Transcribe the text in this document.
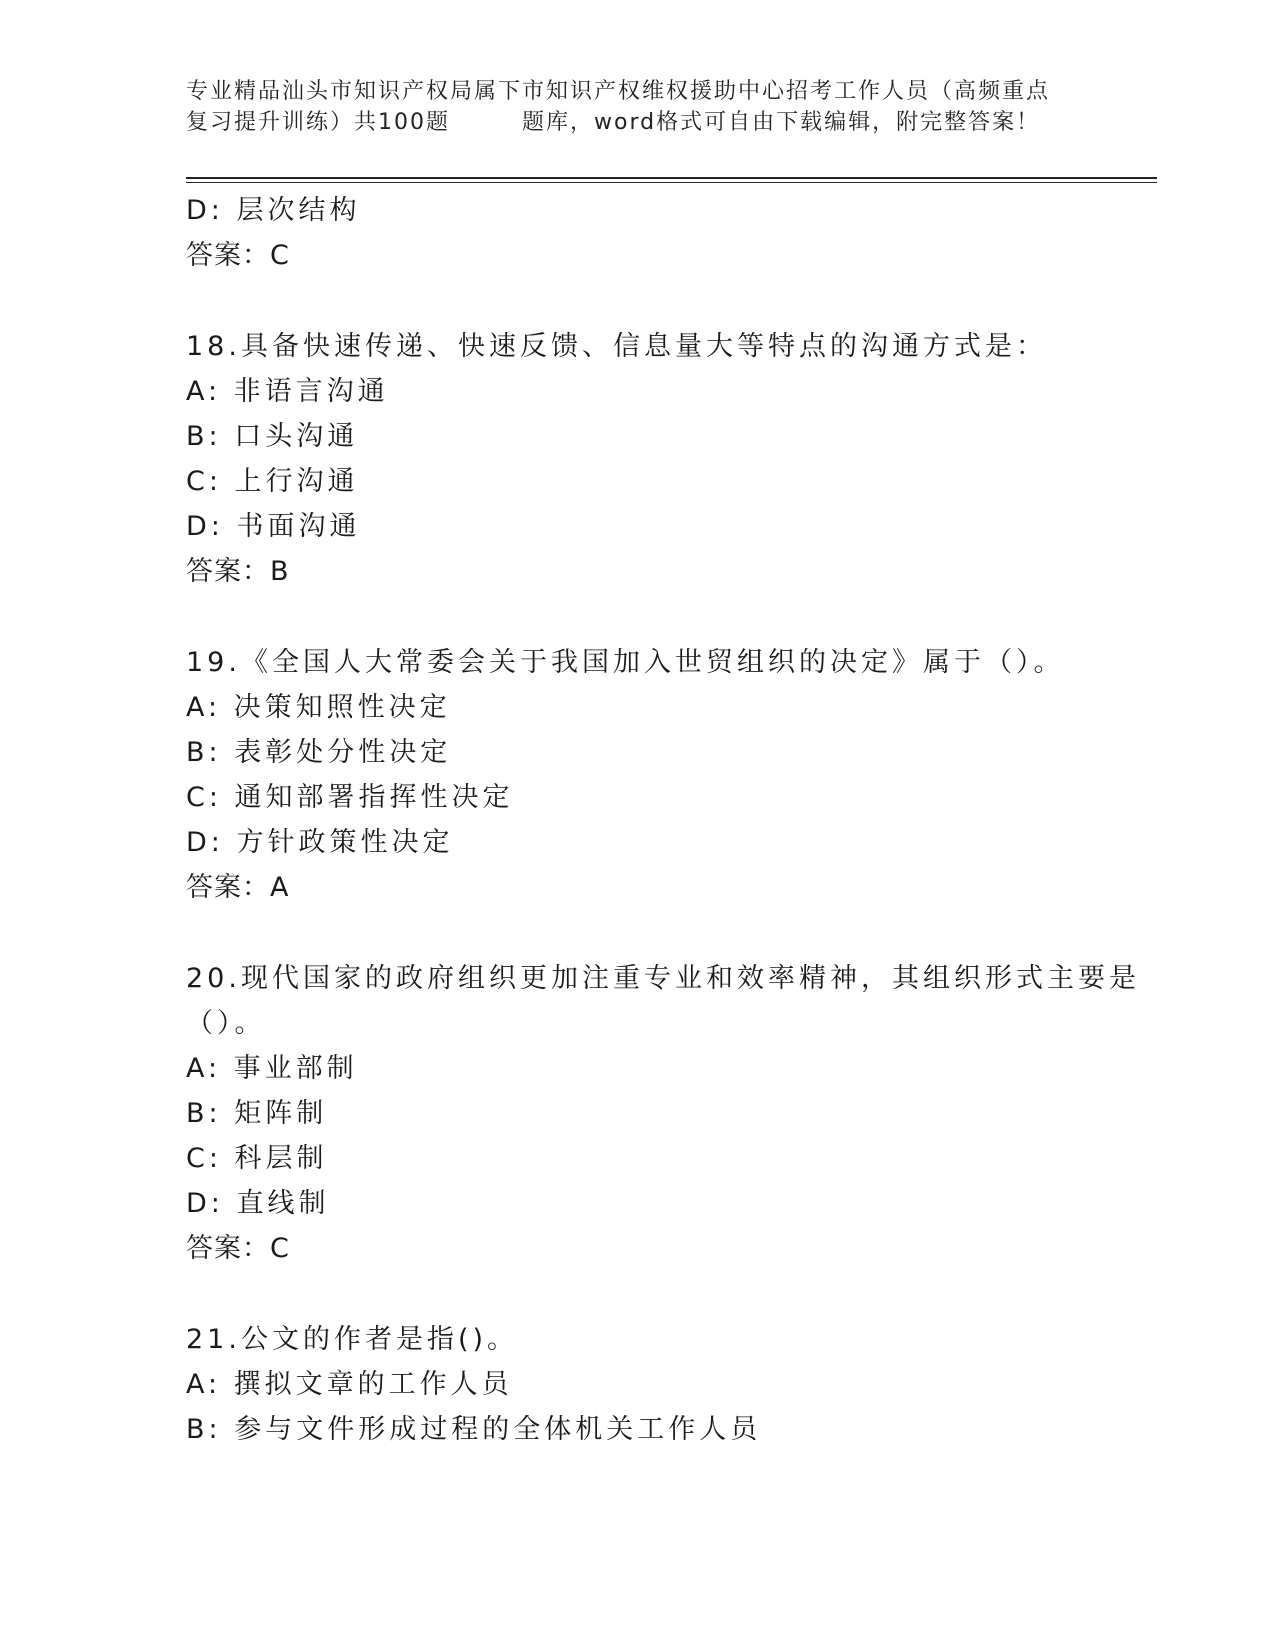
专业精品汕头市知识产权局属下市知识产权维权援助中心招考工作人员（高频重点
复习提升训练）共100题	题库，word格式可自由下载编辑，附完整答案！
D: 层次结构
答案：C
18.具备快速传递、快速反馈、信息量大等特点的沟通方式是：
A: 非语言沟通
B: 口头沟通
C: 上行沟通
D: 书面沟通
答案：B
19.《全国人大常委会关于我国加入世贸组织的决定》属于（）。
A: 决策知照性决定
B: 表彰处分性决定
C: 通知部署指挥性决定
D: 方针政策性决定
答案：A
20.现代国家的政府组织更加注重专业和效率精神，其组织形式主要是
（）。
A: 事业部制
B: 矩阵制
C: 科层制
D: 直线制
答案：C
21.公文的作者是指()。
A: 撰拟文章的工作人员
B: 参与文件形成过程的全体机关工作人员
